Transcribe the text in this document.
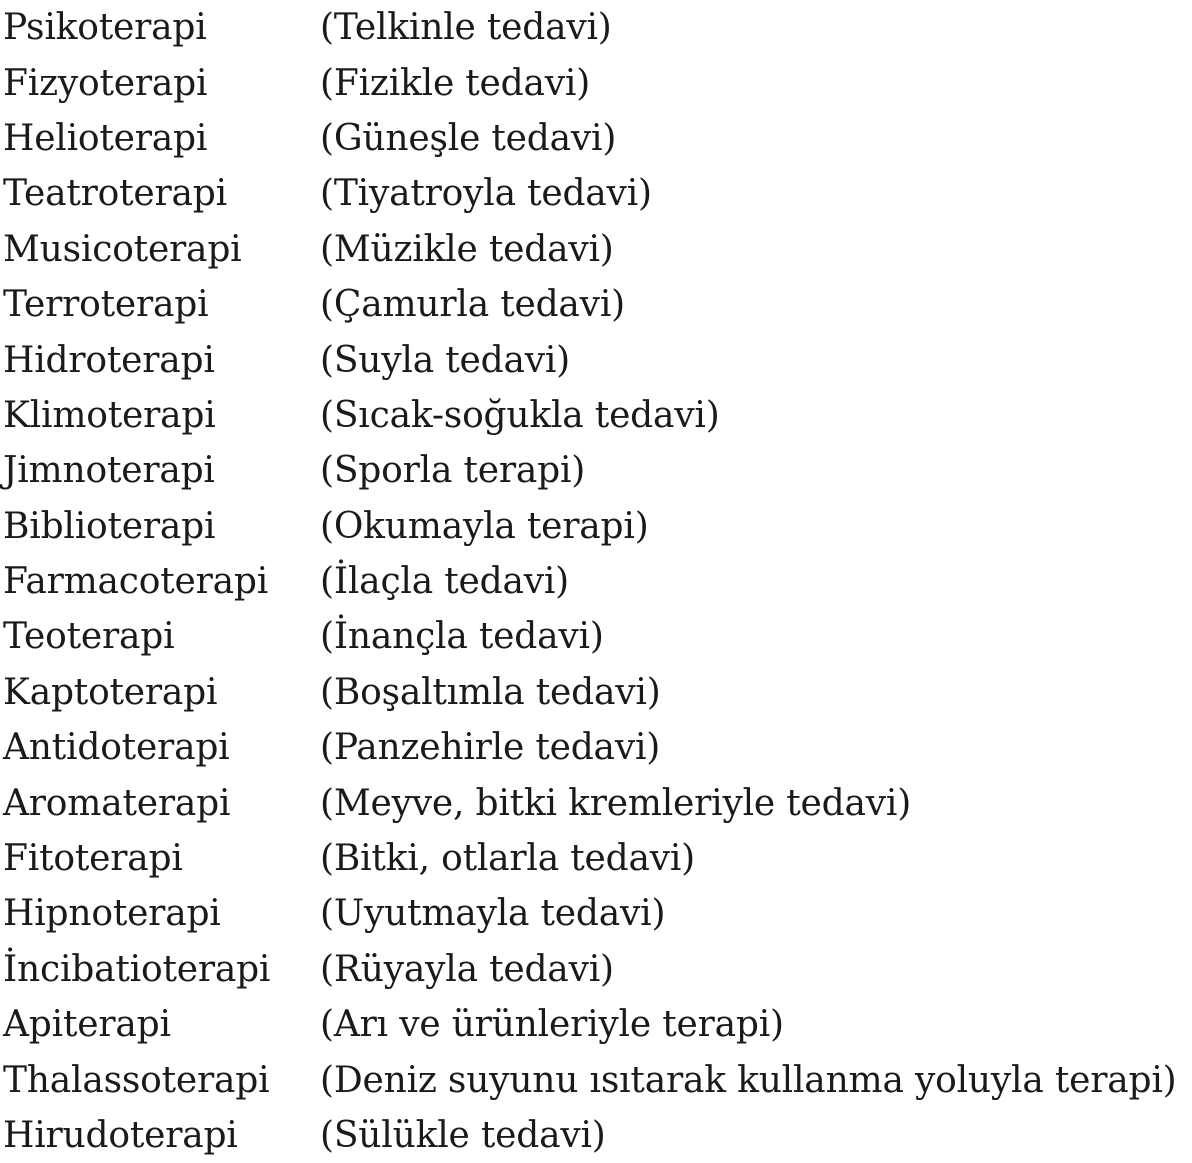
Psikoterapi	(Telkinle tedavi)
Fizyoterapi	(Fizikle tedavi)
Helioterapi	(Güneşle tedavi)
Teatroterapi	(Tiyatroyla tedavi)
Musicoterapi	(Müzikle tedavi)
Terroterapi	(Çamurla tedavi)
Hidroterapi	(Suyla tedavi)
Klimoterapi	(Sıcak-soğukla tedavi)
Jimnoterapi	(Sporla terapi)
Biblioterapi	(Okumayla terapi)
Farmacoterapi	(İlaçla tedavi)
Teoterapi	(İnançla tedavi)
Kaptoterapi	(Boşaltımla tedavi)
Antidoterapi	(Panzehirle tedavi)
Aromaterapi	(Meyve, bitki kremleriyle tedavi)
Fitoterapi	(Bitki, otlarla tedavi)
Hipnoterapi	(Uyutmayla tedavi)
İncibatioterapi	(Rüyayla tedavi)
Apiterapi	(Arı ve ürünleriyle terapi)
Thalassoterapi	(Deniz suyunu ısıtarak kullanma yoluyla terapi)
Hirudoterapi	(Sülükle tedavi)
